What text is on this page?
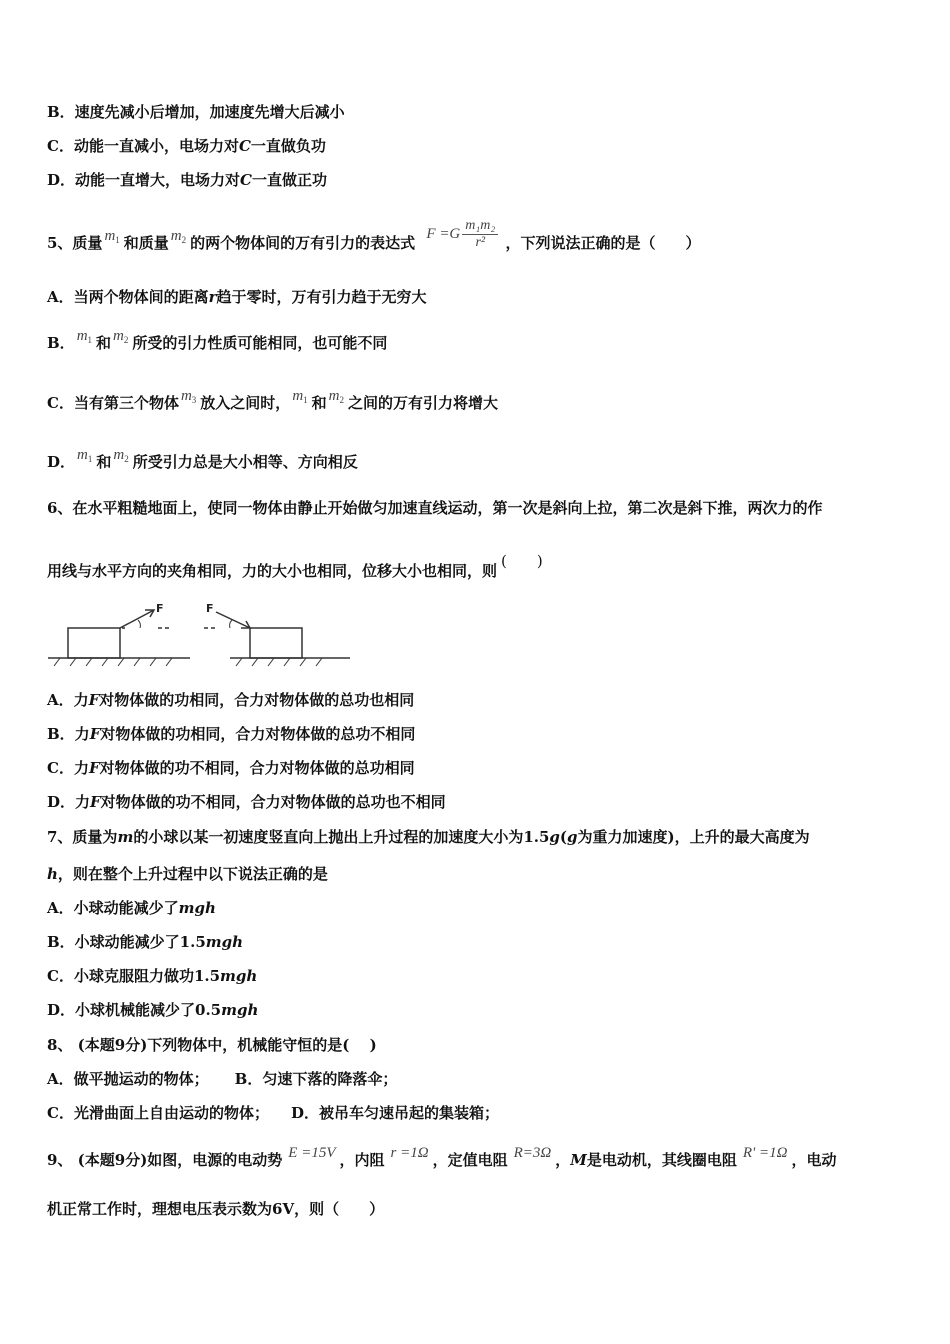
B．速度先减小后增加，加速度先增大后减小
C．动能一直减小，电场力对C一直做负功
D．动能一直增大，电场力对C一直做正功
5、质量 $m_1$ 和质量 $m_2$ 的两个物体间的万有引力的表达式 $F =G \frac{\text{m₁m₂}}{\text{r²}}$ ，下列说法正确的是（　　）
A．当两个物体间的距离r趋于零时，万有引力趋于无穷大
B． $m_1$ 和 $m_2$ 所受的引力性质可能相同，也可能不同
C．当有第三个物体 $m_3$ 放入之间时， $m_1$ 和 $m_2$ 之间的万有引力将增大
D． $m_1$ 和 $m_2$ 所受引力总是大小相等、方向相反
6、在水平粗糙地面上，使同一物体由静止开始做匀加速直线运动，第一次是斜向上拉，第二次是斜下推，两次力的作
用线与水平方向的夹角相同，力的大小也相同，位移大小也相同，则(　　)
F	F
A．力F对物体做的功相同，合力对物体做的总功也相同
B．力F对物体做的功相同，合力对物体做的总功不相同
C．力F对物体做的功不相同，合力对物体做的总功相同
D．力F对物体做的功不相同，合力对物体做的总功也不相同
7、质量为m的小球以某一初速度竖直向上抛出上升过程的加速度大小为1.5g(g为重力加速度)，上升的最大高度为
h，则在整个上升过程中以下说法正确的是
A．小球动能减少了mgh
B．小球动能减少了1.5mgh
C．小球克服阻力做功1.5mgh
D．小球机械能减少了0.5mgh
8、 (本题9分)下列物体中，机械能守恒的是(　 )
A．做平抛运动的物体； B．匀速下落的降落伞；
C．光滑曲面上自由运动的物体； D．被吊车匀速吊起的集装箱；
9、 (本题9分)如图，电源的电动势 E =15V ，内阻 r =1Ω ，定值电阻 R=3Ω ，M是电动机，其线圈电阻 R' =1Ω ，电动
机正常工作时，理想电压表示数为6V，则（　　）
